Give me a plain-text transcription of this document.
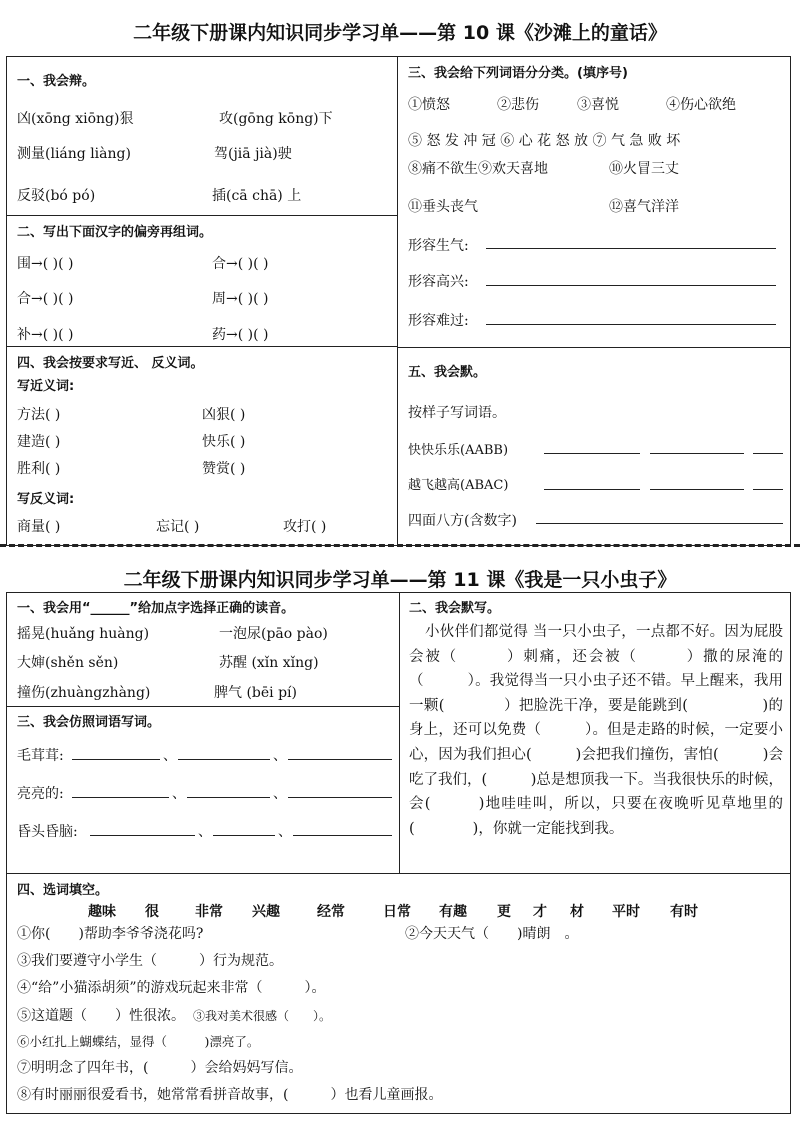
二年级下册课内知识同步学习单——第 10 课《沙滩上的童话》
一、我会辩。
凶(xōng xiōng)狠	攻(gōng kōng)下
测量(liáng liàng)	驾(jiā jià)驶
反驳(bó pó)	插(cā chā) 上
二、写出下面汉字的偏旁再组词。
围→( )( )	合→( )( )
合→( )( )	周→( )( )
补→( )( )	药→( )( )
四、我会按要求写近、 反义词。
写近义词:
方法( )	凶狠( )
建造( )	快乐( )
胜利( )	赞赏( )
写反义词:
商量( )	忘记( )	攻打( )
三、我会给下列词语分分类。(填序号)
①愤怒	②悲伤	③喜悦	④伤心欲绝
⑤ 怒 发 冲 冠 ⑥ 心 花 怒 放 ⑦ 气 急 败 坏
⑧痛不欲生⑨欢天喜地	⑩火冒三丈
⑪垂头丧气	⑫喜气洋洋
形容生气:
形容高兴:
形容难过:
五、我会默。
按样子写词语。
快快乐乐(AABB)
越飞越高(ABAC)
四面八方(含数字)
二年级下册课内知识同步学习单——第 11 课《我是一只小虫子》
一、我会用“______”给加点字选择正确的读音。
摇晃(huǎng huàng)	一泡尿(pāo pào)
大婶(shěn sěn)	苏醒 (xǐn xǐng)
撞伤(zhuàngzhàng)	脾气 (bēi pí)
三、我会仿照词语写词。
毛茸茸:	、	、
亮亮的:	、	、
昏头昏脑:	、	、
二、我会默写。
小伙伴们都觉得 当一只小虫子，一点都不好。因为屁股会被（　　　）刺痛，还会被（　　　）撒的尿淹的（　　　）。我觉得当一只小虫子还不错。早上醒来，我用一颗(　　　　）把脸洗干净，要是能跳到(　　　　　)的身上，还可以免费（　　　）。但是走路的时候，一定要小心，因为我们担心(　　　)会把我们撞伤，害怕(　　　)会吃了我们，(　　　)总是想顶我一下。当我很快乐的时候，会(　　　)地哇哇叫，所以，只要在夜晚听见草地里的(　　　　)，你就一定能找到我。
四、选词填空。
趣味 很	非常 兴趣	经常	日常 有趣 更 才 材 平时 有时
①你(　　)帮助李爷爷浇花吗?	②今天天气（　　)晴朗　。
③我们要遵守小学生（　　　）行为规范。
④“给”小猫添胡须”的游戏玩起来非常（　　　）。
⑤这道题（　　）性很浓。 ③我对美术很感（　　）。
⑥小红扎上蝴蝶结，显得（　　　)漂亮了。
⑦明明念了四年书，(　　　）会给妈妈写信。
⑧有时丽丽很爱看书，她常常看拼音故事，(　　　）也看儿童画报。
